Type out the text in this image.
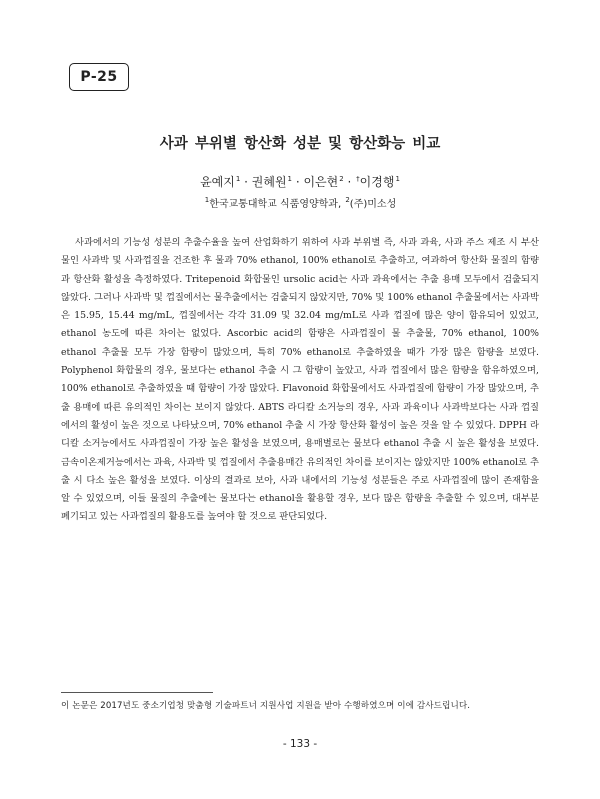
P-25
사과 부위별 항산화 성분 및 항산화능 비교
윤예지$^1$ · 권혜원$^1$ · 이은현$^2$ · †이경행$^1$
$^1$한국교통대학교 식품영양학과, $^2$(주)미소성

사과에서의 기능성 성분의 추출수율을 높여 산업화하기 위하여 사과 부위별 즉, 사과 과육, 사과 주스 제조 시 부산물인 사과박 및 사과껍질을 건조한 후 물과 70% ethanol, 100% ethanol로 추출하고, 여과하여 항산화 물질의 함량과 항산화 활성을 측정하였다. Tritepenoid 화합물인 ursolic acid는 사과 과육에서는 추출 용매 모두에서 검출되지 않았다. 그러나 사과박 및 껍질에서는 물추출에서는 검출되지 않았지만, 70% 및 100% ethanol 추출물에서는 사과박은 15.95, 15.44 mg/mL, 껍질에서는 각각 31.09 및 32.04 mg/mL로 사과 껍질에 많은 양이 함유되어 있었고, ethanol 농도에 따른 차이는 없었다. Ascorbic acid의 함량은 사과껍질이 물 추출물, 70% ethanol, 100% ethanol 추출물 모두 가장 함량이 많았으며, 특히 70% ethanol로 추출하였을 때가 가장 많은 함량을 보였다. Polyphenol 화합물의 경우, 물보다는 ethanol 추출 시 그 함량이 높았고, 사과 껍질에서 많은 함량을 함유하였으며, 100% ethanol로 추출하였을 때 함량이 가장 많았다. Flavonoid 화합물에서도 사과껍질에 함량이 가장 많았으며, 추출 용매에 따른 유의적인 차이는 보이지 않았다. ABTS 라디칼 소거능의 경우, 사과 과육이나 사과박보다는 사과 껍질에서의 활성이 높은 것으로 나타났으며, 70% ethanol 추출 시 가장 항산화 활성이 높은 것을 알 수 있었다. DPPH 라디칼 소거능에서도 사과껍질이 가장 높은 활성을 보였으며, 용매별로는 물보다 ethanol 추출 시 높은 활성을 보였다. 금속이온제거능에서는 과육, 사과박 및 껍질에서 추출용매간 유의적인 차이를 보이지는 않았지만 100% ethanol로 추출 시 다소 높은 활성을 보였다. 이상의 결과로 보아, 사과 내에서의 기능성 성분들은 주로 사과껍질에 많이 존재함을 알 수 있었으며, 이들 물질의 추출에는 물보다는 ethanol을 활용할 경우, 보다 많은 함량을 추출할 수 있으며, 대부분 폐기되고 있는 사과껍질의 활용도를 높여야 할 것으로 판단되었다.

이 논문은 2017년도 중소기업청 맞춤형 기술파트너 지원사업 지원을 받아 수행하였으며 이에 감사드립니다.
- 133 -
